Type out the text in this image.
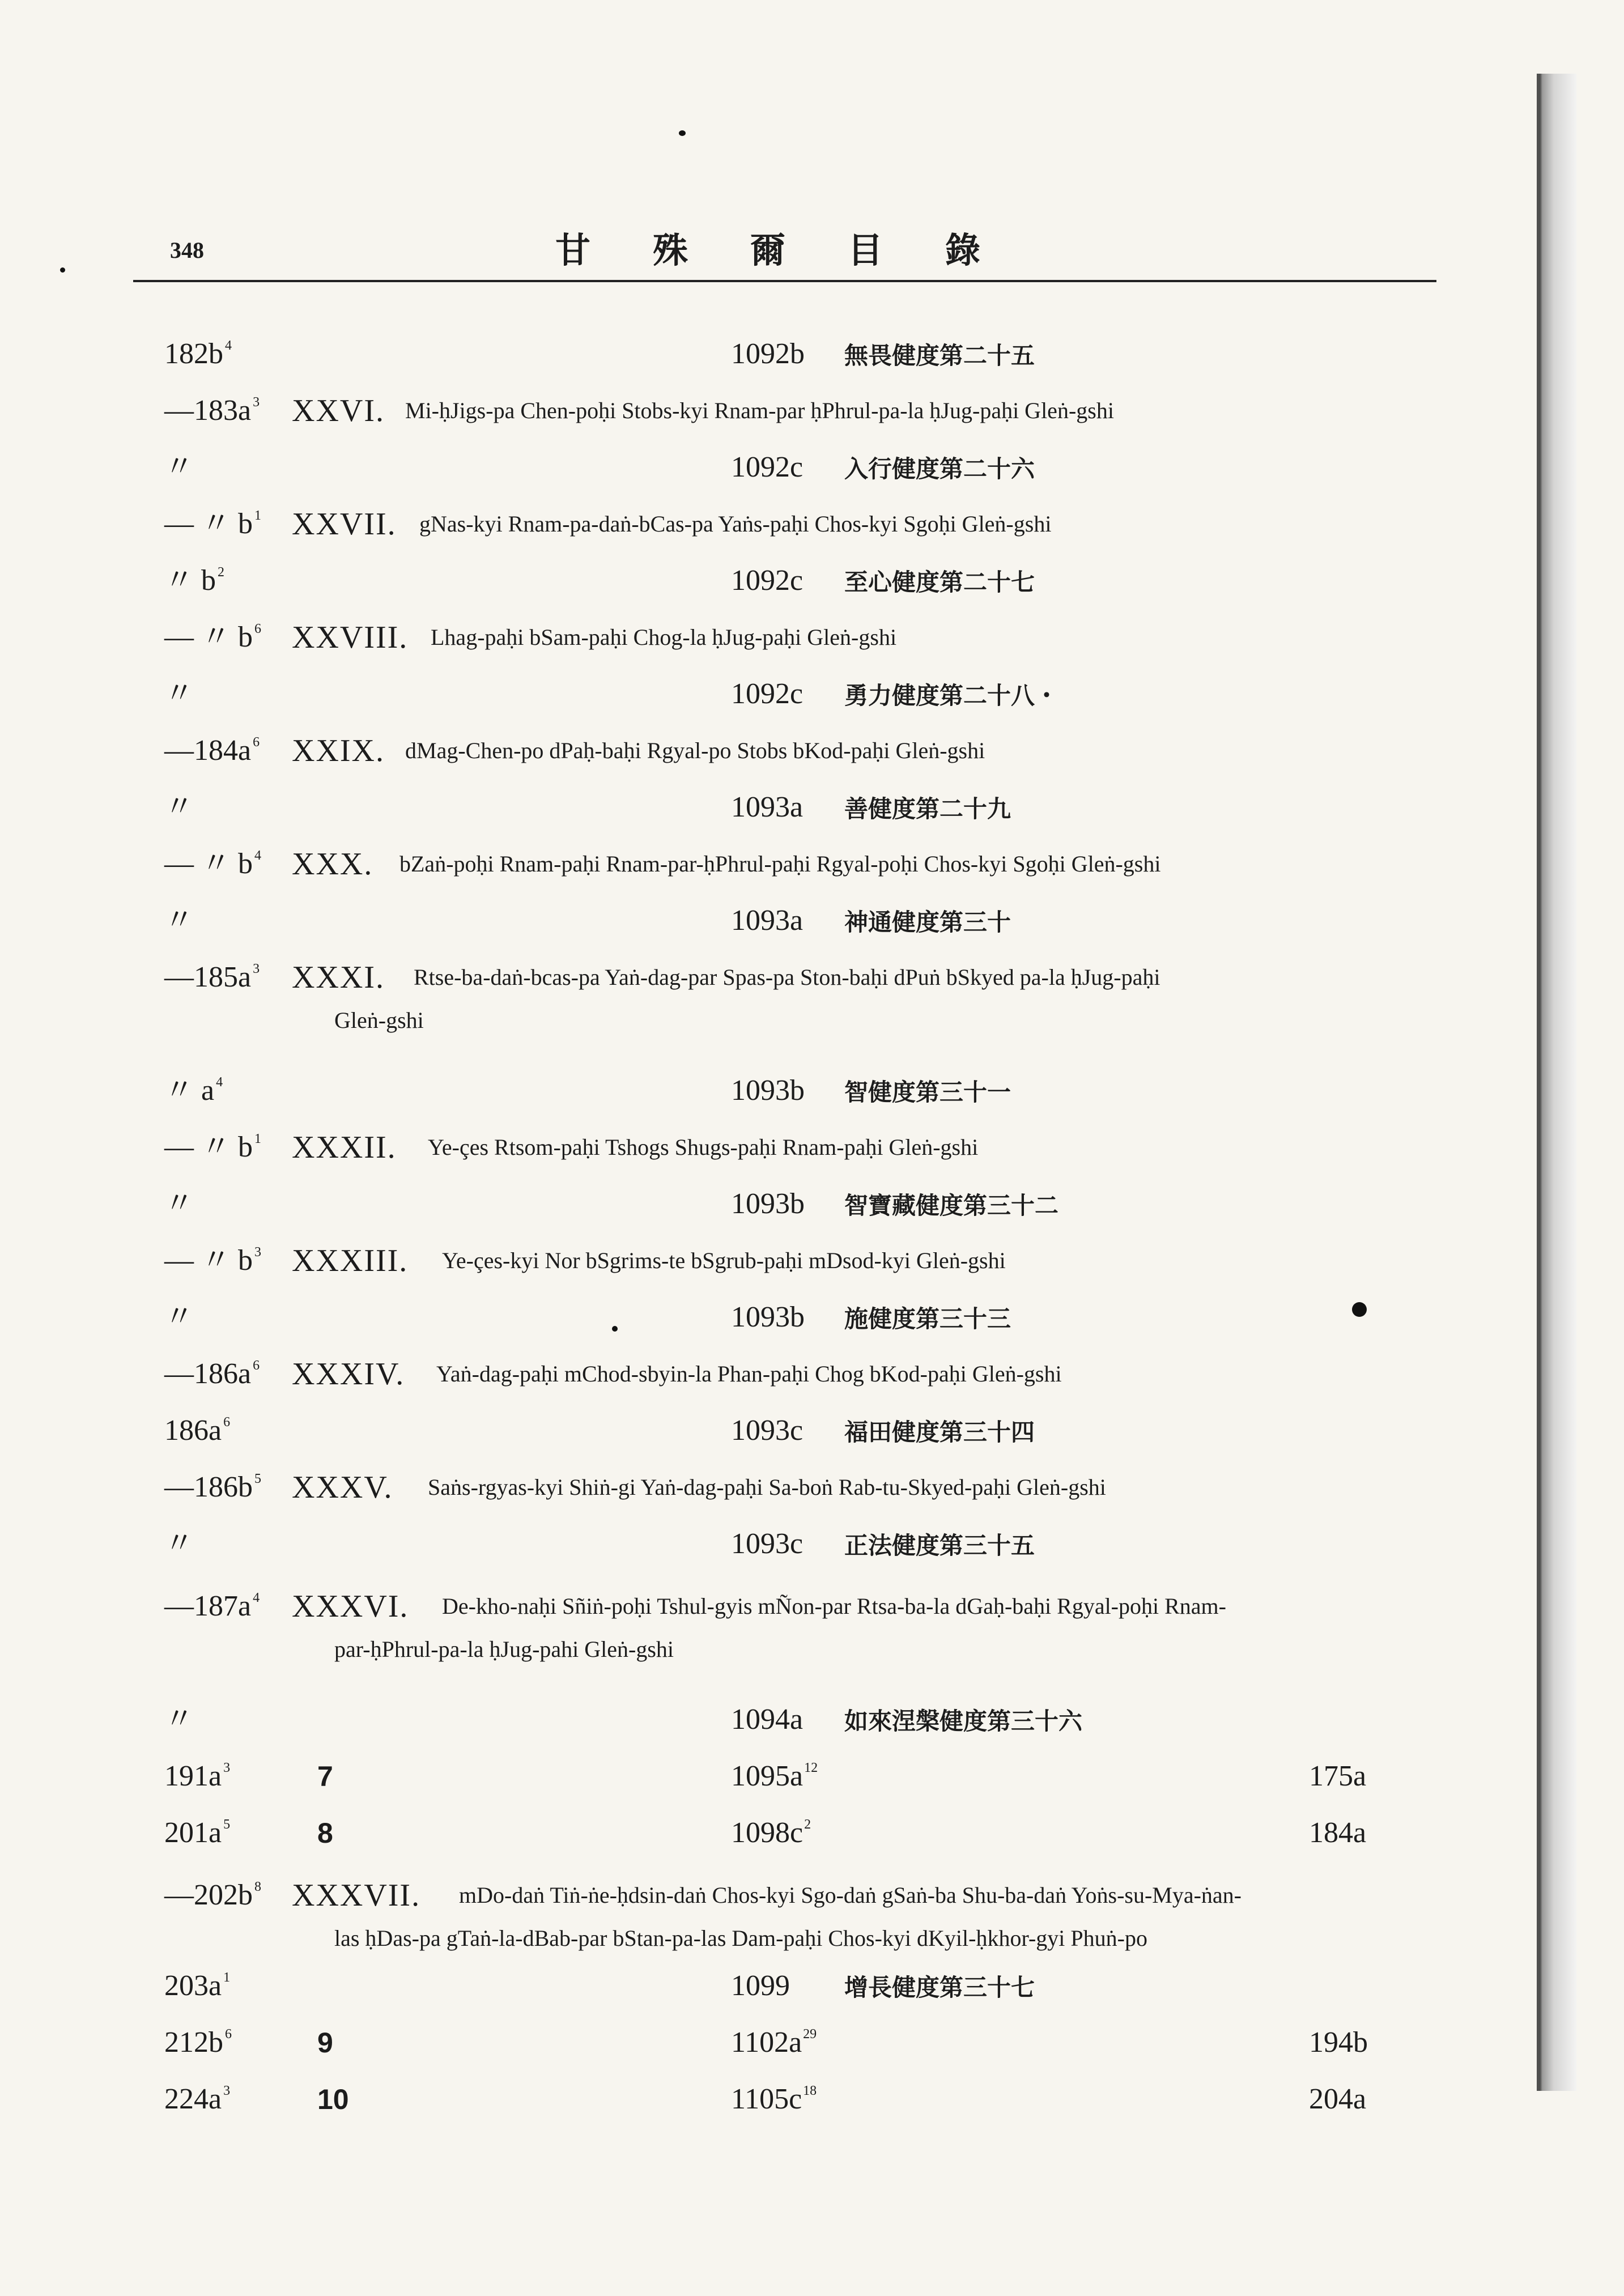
348	甘殊爾目錄
182b $^4$	1092b 無畏健度第二十五
—183a $^3$ XXVI. Mi-ḥJigs-pa Chen-poḥi Stobs-kyi Rnam-par ḥPhrul-pa-la ḥJug-paḥi Gleṅ-gshi
〃	1092c 入行健度第二十六
— 〃 b $^1$ XXVII. gNas-kyi Rnam-pa-daṅ-bCas-pa Yaṅs-paḥi Chos-kyi Sgoḥi Gleṅ-gshi
〃 b $^2$	1092c 至心健度第二十七
— 〃 b $^6$ XXVIII. Lhag-paḥi bSam-paḥi Chog-la ḥJug-paḥi Gleṅ-gshi
〃	1092c 勇力健度第二十八・
—184a $^6$ XXIX. dMag-Chen-po dPaḥ-baḥi Rgyal-po Stobs bKod-paḥi Gleṅ-gshi
〃	1093a 善健度第二十九
— 〃 b $^4$ XXX. bZaṅ-poḥi Rnam-paḥi Rnam-par-ḥPhrul-paḥi Rgyal-poḥi Chos-kyi Sgoḥi Gleṅ-gshi
〃	1093a 神通健度第三十
—185a $^3$ XXXI. Rtse-ba-daṅ-bcas-pa Yaṅ-dag-par Spas-pa Ston-baḥi dPuṅ bSkyed pa-la ḥJug-paḥi
Gleṅ-gshi
〃 a $^4$	1093b 智健度第三十一
— 〃 b $^1$ XXXII. Ye-çes Rtsom-paḥi Tshogs Shugs-paḥi Rnam-paḥi Gleṅ-gshi
〃	1093b 智寶藏健度第三十二
— 〃 b $^3$ XXXIII. Ye-çes-kyi Nor bSgrims-te bSgrub-paḥi mDsod-kyi Gleṅ-gshi
〃	1093b 施健度第三十三
—186a $^6$ XXXIV. Yaṅ-dag-paḥi mChod-sbyin-la Phan-paḥi Chog bKod-paḥi Gleṅ-gshi
186a $^6$	1093c 福田健度第三十四
—186b $^5$ XXXV. Saṅs-rgyas-kyi Shiṅ-gi Yaṅ-dag-paḥi Sa-boṅ Rab-tu-Skyed-paḥi Gleṅ-gshi
〃	1093c 正法健度第三十五
—187a $^4$ XXXVI. De-kho-naḥi Sñiṅ-poḥi Tshul-gyis mÑon-par Rtsa-ba-la dGaḥ-baḥi Rgyal-poḥi Rnam-
par-ḥPhrul-pa-la ḥJug-pahi Gleṅ-gshi
〃	1094a 如來涅槃健度第三十六
191a $^3$	7	$1095a^{12}$	175a
201a $^5$	8	$1098c^2$	184a
—202b $^8$ XXXVII. mDo-daṅ Tiṅ-ṅe-ḥdsin-daṅ Chos-kyi Sgo-daṅ gSaṅ-ba Shu-ba-daṅ Yoṅs-su-Mya-ṅan-
las ḥDas-pa gTaṅ-la-dBab-par bStan-pa-las Dam-paḥi Chos-kyi dKyil-ḥkhor-gyi Phuṅ-po
203a $^1$	1099 增長健度第三十七
212b $^6$	9	$1102a^{29}$	194b
224a $^3$	10	$1105c^{18}$	204a
